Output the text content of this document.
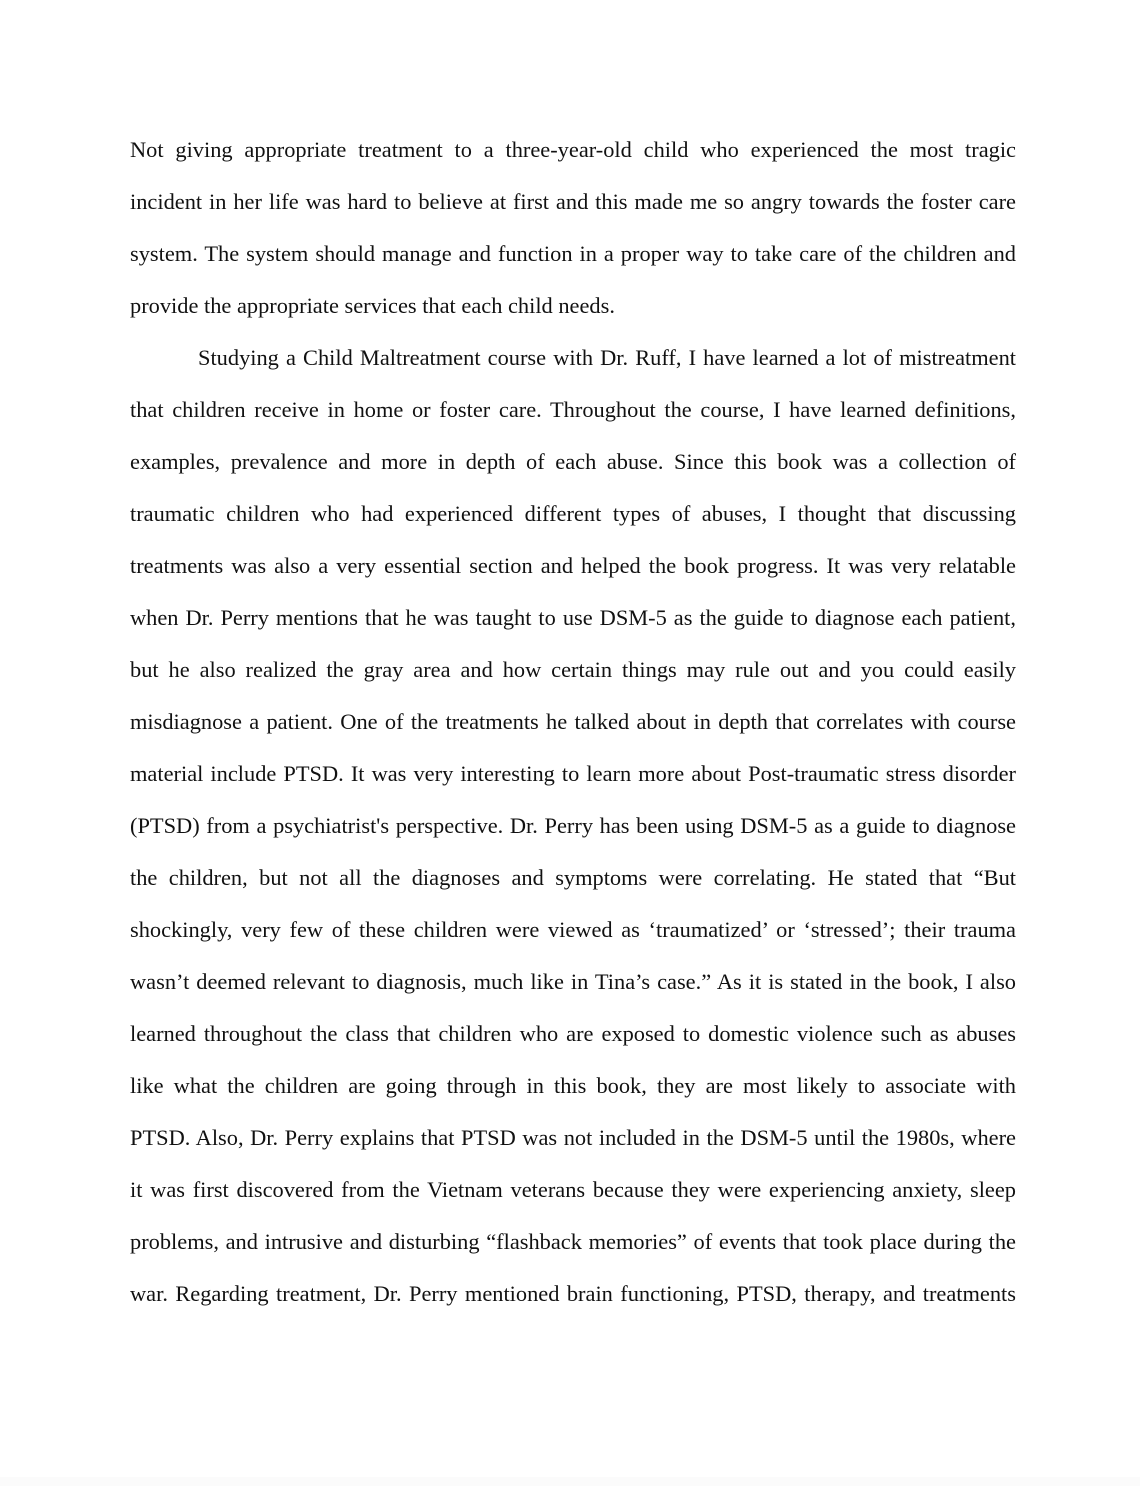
Not giving appropriate treatment to a three-year-old child who experienced the most tragic
incident in her life was hard to believe at first and this made me so angry towards the foster care
system. The system should manage and function in a proper way to take care of the children and
provide the appropriate services that each child needs.
Studying a Child Maltreatment course with Dr. Ruff, I have learned a lot of mistreatment
that children receive in home or foster care. Throughout the course, I have learned definitions,
examples, prevalence and more in depth of each abuse. Since this book was a collection of
traumatic children who had experienced different types of abuses, I thought that discussing
treatments was also a very essential section and helped the book progress. It was very relatable
when Dr. Perry mentions that he was taught to use DSM-5 as the guide to diagnose each patient,
but he also realized the gray area and how certain things may rule out and you could easily
misdiagnose a patient. One of the treatments he talked about in depth that correlates with course
material include PTSD. It was very interesting to learn more about Post-traumatic stress disorder
(PTSD) from a psychiatrist's perspective. Dr. Perry has been using DSM-5 as a guide to diagnose
the children, but not all the diagnoses and symptoms were correlating. He stated that “But
shockingly, very few of these children were viewed as ‘traumatized’ or ‘stressed’; their trauma
wasn’t deemed relevant to diagnosis, much like in Tina’s case.” As it is stated in the book, I also
learned throughout the class that children who are exposed to domestic violence such as abuses
like what the children are going through in this book, they are most likely to associate with
PTSD. Also, Dr. Perry explains that PTSD was not included in the DSM-5 until the 1980s, where
it was first discovered from the Vietnam veterans because they were experiencing anxiety, sleep
problems, and intrusive and disturbing “flashback memories” of events that took place during the
war. Regarding treatment, Dr. Perry mentioned brain functioning, PTSD, therapy, and treatments
